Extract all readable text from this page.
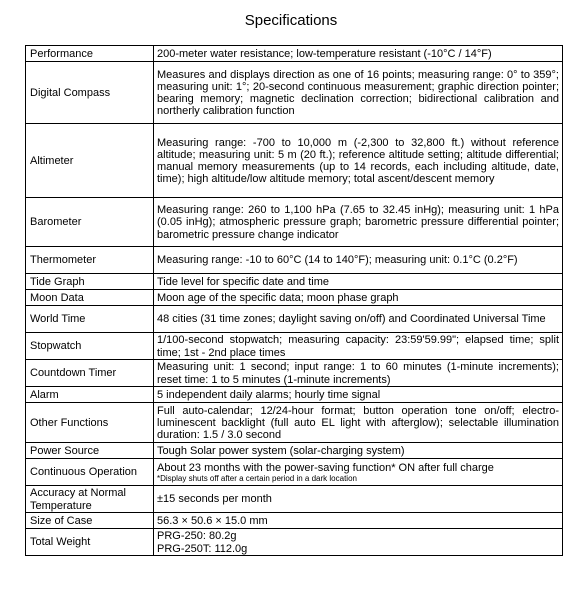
Specifications
Performance	200-meter water resistance; low-temperature resistant (-10°C / 14°F)
Digital Compass	Measures and displays direction as one of 16 points; measuring range: 0° to 359°; measuring unit: 1°; 20-second continuous measurement; graphic direction pointer; bearing memory; magnetic declination correction; bidirectional calibration and northerly calibration function
Altimeter	Measuring range: -700 to 10,000 m (-2,300 to 32,800 ft.) without reference altitude; measuring unit: 5 m (20 ft.); reference altitude setting; altitude differential; manual memory measurements (up to 14 records, each including altitude, date, time); high altitude/low altitude memory; total ascent/descent memory
Barometer	Measuring range: 260 to 1,100 hPa (7.65 to 32.45 inHg); measuring unit: 1 hPa (0.05 inHg); atmospheric pressure graph; barometric pressure differential pointer; barometric pressure change indicator
Thermometer	Measuring range: -10 to 60°C (14 to 140°F); measuring unit: 0.1°C (0.2°F)
Tide Graph	Tide level for specific date and time
Moon Data	Moon age of the specific data; moon phase graph
World Time	48 cities (31 time zones; daylight saving on/off) and Coordinated Universal Time
Stopwatch	1/100-second stopwatch; measuring capacity: 23:59'59.99"; elapsed time; split time; 1st - 2nd place times
Countdown Timer	Measuring unit: 1 second; input range: 1 to 60 minutes (1-minute increments); reset time: 1 to 5 minutes (1-minute increments)
Alarm	5 independent daily alarms; hourly time signal
Other Functions	Full auto-calendar; 12/24-hour format; button operation tone on/off; electro-luminescent backlight (full auto EL light with afterglow); selectable illumination duration: 1.5 / 3.0 second
Power Source	Tough Solar power system (solar-charging system)
Continuous Operation	About 23 months with the power-saving function* ON after full charge
*Display shuts off after a certain period in a dark location

Accuracy at Normal Temperature	±15 seconds per month
Size of Case	56.3 × 50.6 × 15.0 mm
Total Weight	PRG-250: 80.2g
PRG-250T: 112.0g
